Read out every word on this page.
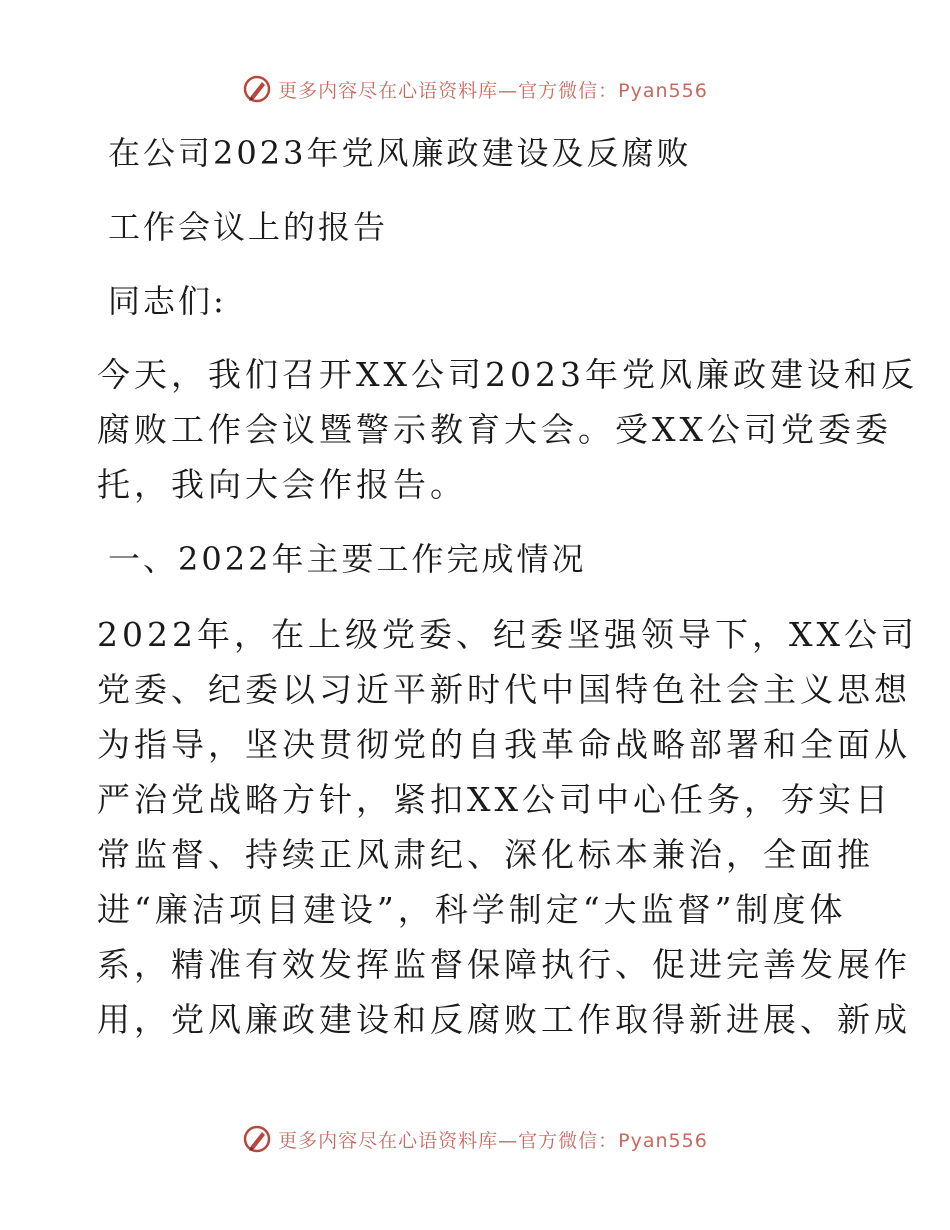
更多内容尽在心语资料库—官方微信：Pyan556
在公司2023年党风廉政建设及反腐败
工作会议上的报告
同志们:
今天，我们召开XX公司2023年党风廉政建设和反
腐败工作会议暨警示教育大会。受XX公司党委委
托，我向大会作报告。
一、2022年主要工作完成情况
2022年，在上级党委、纪委坚强领导下，XX公司
党委、纪委以习近平新时代中国特色社会主义思想
为指导，坚决贯彻党的自我革命战略部署和全面从
严治党战略方针，紧扣XX公司中心任务，夯实日
常监督、持续正风肃纪、深化标本兼治，全面推
进“廉洁项目建设”，科学制定“大监督”制度体
系，精准有效发挥监督保障执行、促进完善发展作
用，党风廉政建设和反腐败工作取得新进展、新成
更多内容尽在心语资料库—官方微信：Pyan556
